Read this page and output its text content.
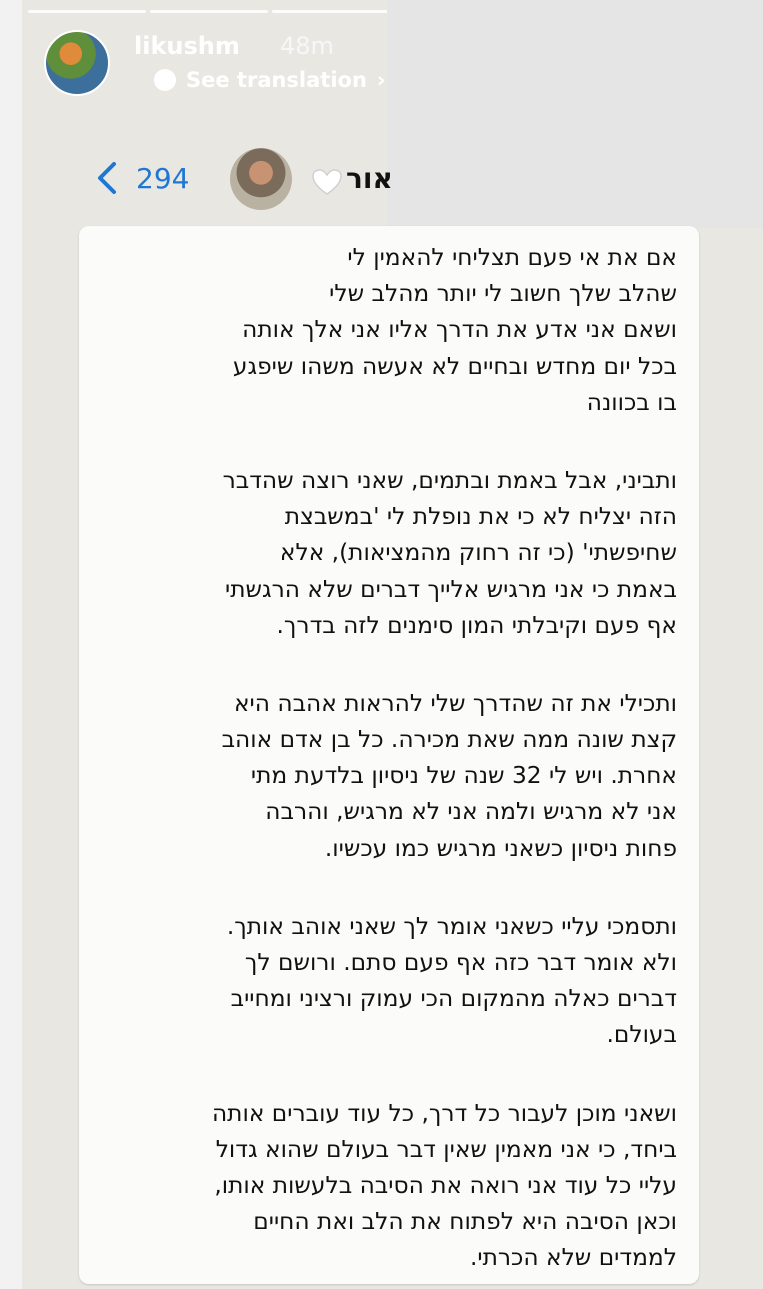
likushm 48m
See translation ›
294	אור
אם את אי פעם תצליחי להאמין לי
שהלב שלך חשוב לי יותר מהלב שלי
ושאם אני אדע את הדרך אליו אני אלך אותה
בכל יום מחדש ובחיים לא אעשה משהו שיפגע
בו בכוונה
ותביני, אבל באמת ובתמים, שאני רוצה שהדבר
הזה יצליח לא כי את נופלת לי 'במשבצת
שחיפשתי' (כי זה רחוק מהמציאות), אלא
באמת כי אני מרגיש אלייך דברים שלא הרגשתי
אף פעם וקיבלתי המון סימנים לזה בדרך.
ותכילי את זה שהדרך שלי להראות אהבה היא
קצת שונה ממה שאת מכירה. כל בן אדם אוהב
אחרת. ויש לי 32 שנה של ניסיון בלדעת מתי
אני לא מרגיש ולמה אני לא מרגיש, והרבה
פחות ניסיון כשאני מרגיש כמו עכשיו.
ותסמכי עליי כשאני אומר לך שאני אוהב אותך.
ולא אומר דבר כזה אף פעם סתם. ורושם לך
דברים כאלה מהמקום הכי עמוק ורציני ומחייב
בעולם.
ושאני מוכן לעבור כל דרך, כל עוד עוברים אותה
ביחד, כי אני מאמין שאין דבר בעולם שהוא גדול
עליי כל עוד אני רואה את הסיבה בלעשות אותו,
וכאן הסיבה היא לפתוח את הלב ואת החיים
לממדים שלא הכרתי.
